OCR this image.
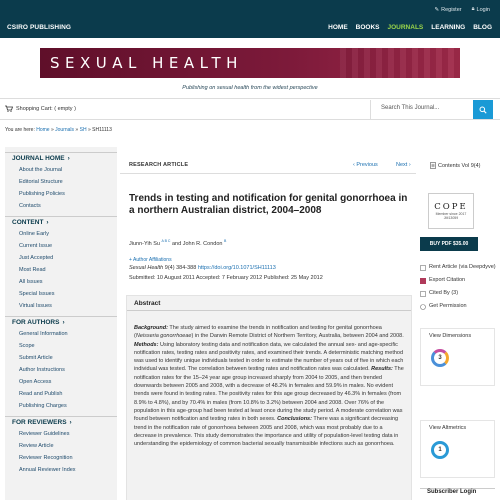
✎ Register 🔒︎ Login
CSIRO PUBLISHING	HOME BOOKS JOURNALS LEARNING BLOG
SEXUAL HEALTH
Publishing on sexual health from the widest perspective
Shopping Cart: ( empty )	Search This Journal...
You are here: Home » Journals » SH » SH11113
JOURNAL HOME ›
About the Journal
Editorial Structure
Publishing Policies
Contacts
CONTENT ›
Online Early
Current Issue
Just Accepted
Most Read
All Issues
Special Issues
Virtual Issues
FOR AUTHORS ›
General Information
Scope
Submit Article
Author Instructions
Open Access
Read and Publish
Publishing Charges
FOR REVIEWERS ›
Reviewer Guidelines
Review Article
Reviewer Recognition
Annual Reviewer Index
RESEARCH ARTICLE	‹ Previous	Next ›
Trends in testing and notification for genital gonorrhoea in a northern Australian district, 2004–2008
Jiunn-Yih Su $^{A B C}$ and John R. Condon $^B$
+ Author Affiliations
Sexual Health 9(4) 384-388 https://doi.org/10.1071/SH11113
Submitted: 10 August 2011 Accepted: 7 February 2012 Published: 25 May 2012
Abstract
Background: The study aimed to examine the trends in notification and testing for genital gonorrhoea (Neisseria gonorrhoeae) in the Darwin Remote District of Northern Territory, Australia, between 2004 and 2008. Methods: Using laboratory testing data and notification data, we calculated the annual sex- and age-specific notification rates, testing rates and positivity rates, and examined their trends. A deterministic matching method was used to identify unique individuals tested in order to estimate the number of years out of five in which each individual was tested. The correlation between testing rates and notification rates was calculated. Results: The notification rates for the 15–24 year age group increased sharply from 2004 to 2005, and then trended downwards between 2005 and 2008, with a decrease of 48.2% in females and 59.9% in males. No evident trends were found in testing rates. The positivity rates for this age group decreased by 46.3% in females (from 8.9% to 4.8%), and by 70.4% in males (from 10.8% to 3.2%) between 2004 and 2008. Over 76% of the population in this age-group had been tested at least once during the study period. A moderate correlation was found between notification and testing rates in both sexes. Conclusions: There was a significant decreasing trend in the notification rate of gonorrhoea between 2005 and 2008, which was most probably due to a decrease in prevalence. This study demonstrates the importance and utility of population-level testing data in understanding the epidemiology of common bacterial sexually transmissible infections such as gonorrhoea.
Contents Vol 9(4)
COPE
Member since 2017
JM13059
BUY PDF $35.00
Rent Article (via Deepdyve)
Export Citation
Cited By (3)
Get Permission
View Dimensions
3
View Altmetrics
1
Subscriber Login
